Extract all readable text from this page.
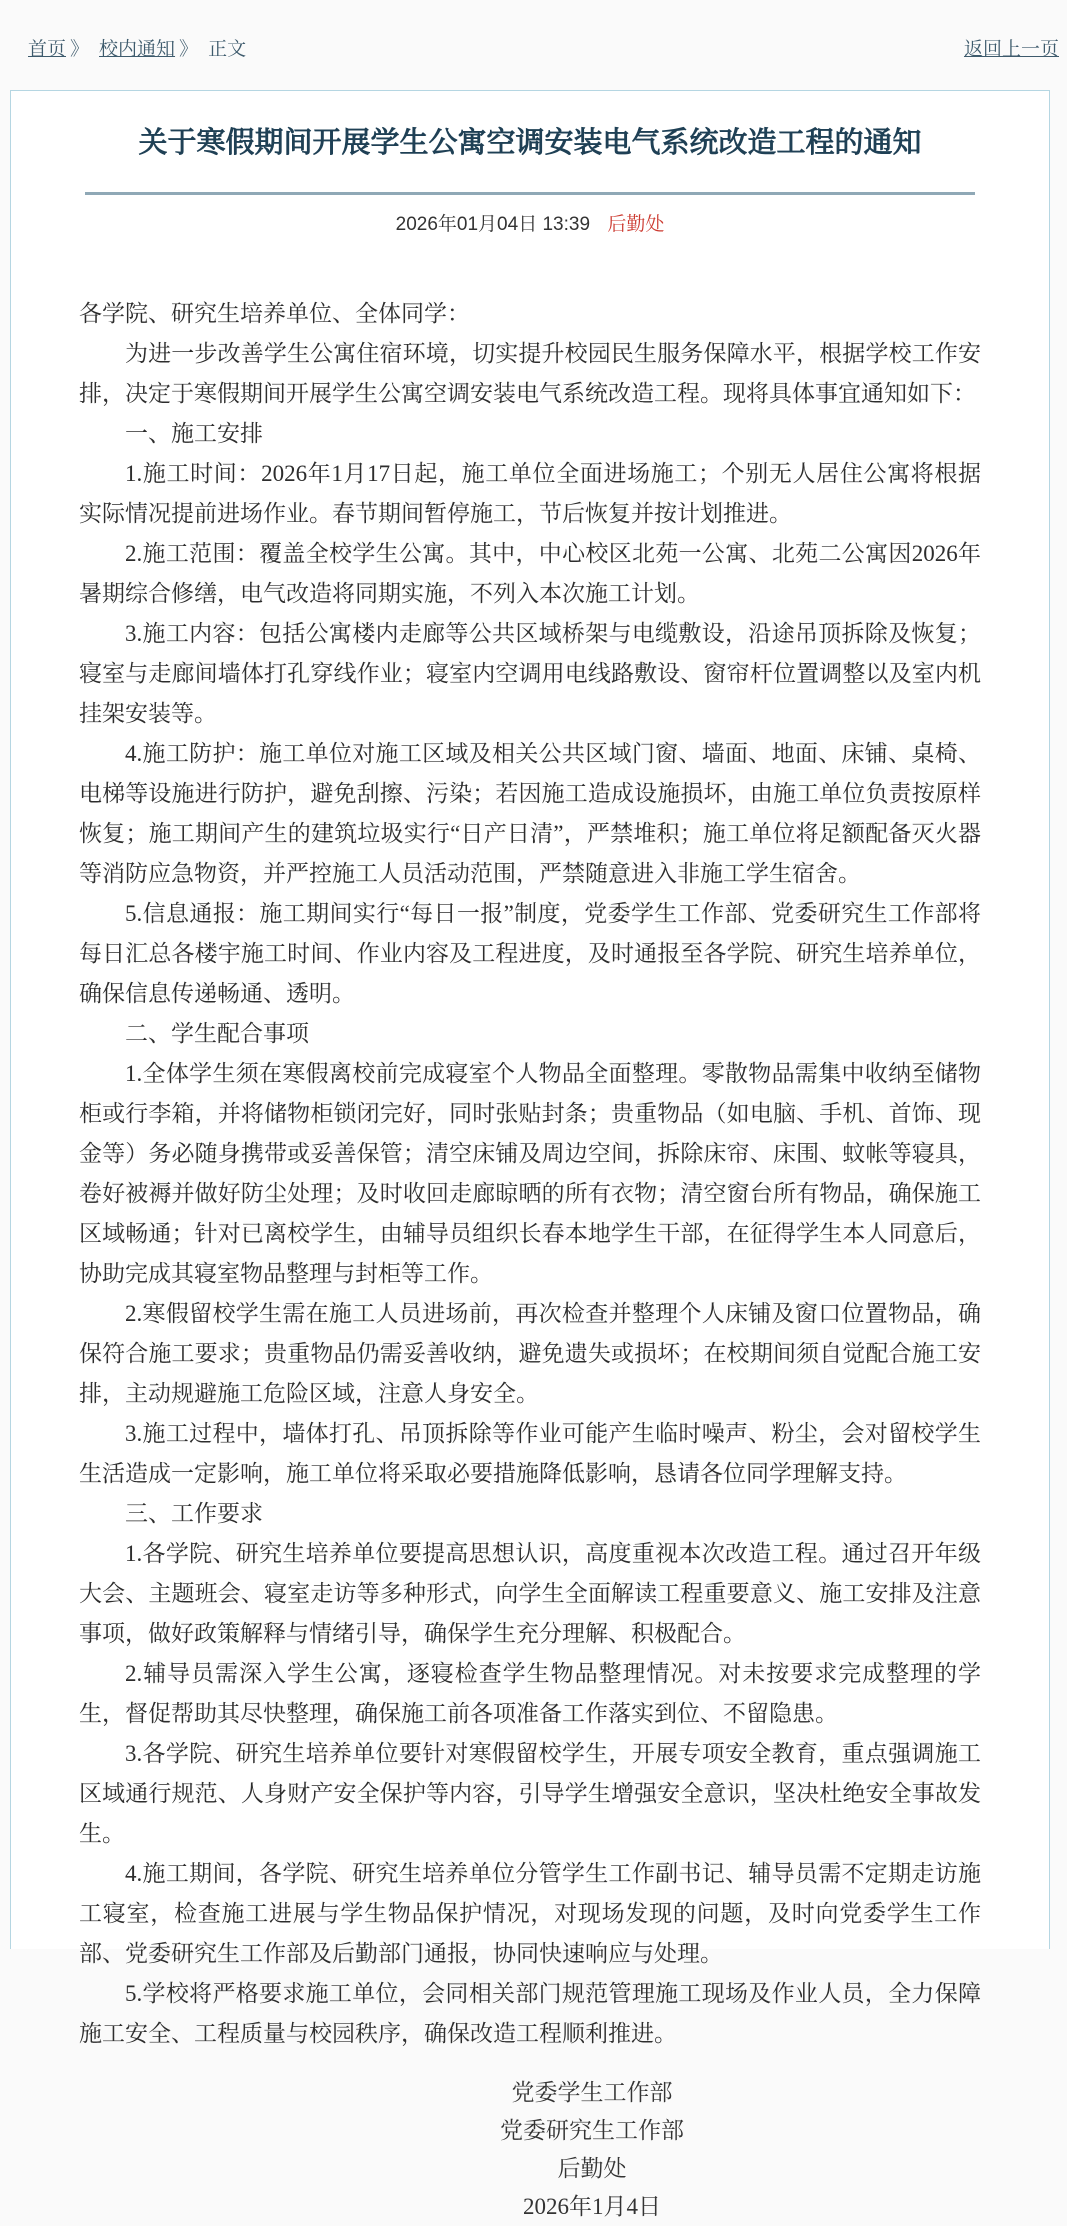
首页 》 校内通知 》 正文	返回上一页
关于寒假期间开展学生公寓空调安装电气系统改造工程的通知
2026年01月04日 13:39 后勤处

各学院、研究生培养单位、全体同学：

为进一步改善学生公寓住宿环境，切实提升校园民生服务保障水平，根据学校工作安排，决定于寒假期间开展学生公寓空调安装电气系统改造工程。现将具体事宜通知如下：

一、施工安排

1.施工时间：2026年1月17日起，施工单位全面进场施工；个别无人居住公寓将根据实际情况提前进场作业。春节期间暂停施工，节后恢复并按计划推进。

2.施工范围：覆盖全校学生公寓。其中，中心校区北苑一公寓、北苑二公寓因2026年暑期综合修缮，电气改造将同期实施，不列入本次施工计划。

3.施工内容：包括公寓楼内走廊等公共区域桥架与电缆敷设，沿途吊顶拆除及恢复；寝室与走廊间墙体打孔穿线作业；寝室内空调用电线路敷设、窗帘杆位置调整以及室内机挂架安装等。

4.施工防护：施工单位对施工区域及相关公共区域门窗、墙面、地面、床铺、桌椅、电梯等设施进行防护，避免刮擦、污染；若因施工造成设施损坏，由施工单位负责按原样恢复；施工期间产生的建筑垃圾实行“日产日清”，严禁堆积；施工单位将足额配备灭火器等消防应急物资，并严控施工人员活动范围，严禁随意进入非施工学生宿舍。

5.信息通报：施工期间实行“每日一报”制度，党委学生工作部、党委研究生工作部将每日汇总各楼宇施工时间、作业内容及工程进度，及时通报至各学院、研究生培养单位，确保信息传递畅通、透明。

二、学生配合事项

1.全体学生须在寒假离校前完成寝室个人物品全面整理。零散物品需集中收纳至储物柜或行李箱，并将储物柜锁闭完好，同时张贴封条；贵重物品（如电脑、手机、首饰、现金等）务必随身携带或妥善保管；清空床铺及周边空间，拆除床帘、床围、蚊帐等寝具，卷好被褥并做好防尘处理；及时收回走廊晾晒的所有衣物；清空窗台所有物品，确保施工区域畅通；针对已离校学生，由辅导员组织长春本地学生干部，在征得学生本人同意后，协助完成其寝室物品整理与封柜等工作。

2.寒假留校学生需在施工人员进场前，再次检查并整理个人床铺及窗口位置物品，确保符合施工要求；贵重物品仍需妥善收纳，避免遗失或损坏；在校期间须自觉配合施工安排，主动规避施工危险区域，注意人身安全。

3.施工过程中，墙体打孔、吊顶拆除等作业可能产生临时噪声、粉尘，会对留校学生生活造成一定影响，施工单位将采取必要措施降低影响，恳请各位同学理解支持。

三、工作要求

1.各学院、研究生培养单位要提高思想认识，高度重视本次改造工程。通过召开年级大会、主题班会、寝室走访等多种形式，向学生全面解读工程重要意义、施工安排及注意事项，做好政策解释与情绪引导，确保学生充分理解、积极配合。

2.辅导员需深入学生公寓，逐寝检查学生物品整理情况。对未按要求完成整理的学生，督促帮助其尽快整理，确保施工前各项准备工作落实到位、不留隐患。

3.各学院、研究生培养单位要针对寒假留校学生，开展专项安全教育，重点强调施工区域通行规范、人身财产安全保护等内容，引导学生增强安全意识，坚决杜绝安全事故发生。

4.施工期间，各学院、研究生培养单位分管学生工作副书记、辅导员需不定期走访施工寝室，检查施工进展与学生物品保护情况，对现场发现的问题，及时向党委学生工作部、党委研究生工作部及后勤部门通报，协同快速响应与处理。

5.学校将严格要求施工单位，会同相关部门规范管理施工现场及作业人员，全力保障施工安全、工程质量与校园秩序，确保改造工程顺利推进。

党委学生工作部

党委研究生工作部

后勤处

2026年1月4日
